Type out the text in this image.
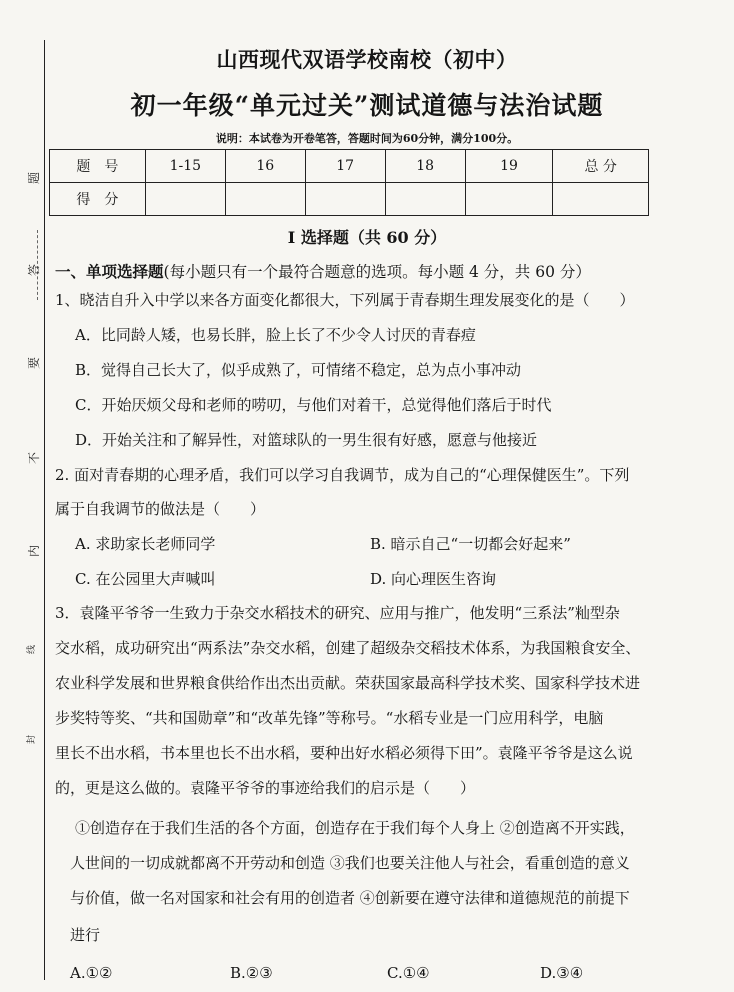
题
答
要
不
内
线
封
山西现代双语学校南校（初中）
初一年级“单元过关”测试道德与法治试题
说明：本试卷为开卷笔答，答题时间为60分钟，满分100分。
题　号	1-15	16	17	18	19	总 分
得　分						
Ⅰ 选择题（共 60 分）
一、单项选择题(每小题只有一个最符合题意的选项。每小题 4 分，共 60 分）
1、晓洁自升入中学以来各方面变化都很大，下列属于青春期生理发展变化的是（　　）
A．比同龄人矮，也易长胖，脸上长了不少令人讨厌的青春痘
B．觉得自己长大了，似乎成熟了，可情绪不稳定，总为点小事冲动
C．开始厌烦父母和老师的唠叨，与他们对着干，总觉得他们落后于时代
D．开始关注和了解异性，对篮球队的一男生很有好感，愿意与他接近
2. 面对青春期的心理矛盾，我们可以学习自我调节，成为自己的“心理保健医生”。下列
属于自我调节的做法是（　　）
A. 求助家长老师同学	B. 暗示自己“一切都会好起来”
C. 在公园里大声喊叫	D. 向心理医生咨询
3．袁隆平爷爷一生致力于杂交水稻技术的研究、应用与推广，他发明“三系法”籼型杂
交水稻，成功研究出“两系法”杂交水稻，创建了超级杂交稻技术体系，为我国粮食安全、
农业科学发展和世界粮食供给作出杰出贡献。荣获国家最高科学技术奖、国家科学技术进
步奖特等奖、“共和国勋章”和“改革先锋”等称号。“水稻专业是一门应用科学，电脑
里长不出水稻，书本里也长不出水稻，要种出好水稻必须得下田”。袁隆平爷爷是这么说
的，更是这么做的。袁隆平爷爷的事迹给我们的启示是（　　）
①创造存在于我们生活的各个方面，创造存在于我们每个人身上 ②创造离不开实践，
人世间的一切成就都离不开劳动和创造 ③我们也要关注他人与社会，看重创造的意义
与价值，做一名对国家和社会有用的创造者 ④创新要在遵守法律和道德规范的前提下
进行
A.①②	B.②③	C.①④	D.③④
